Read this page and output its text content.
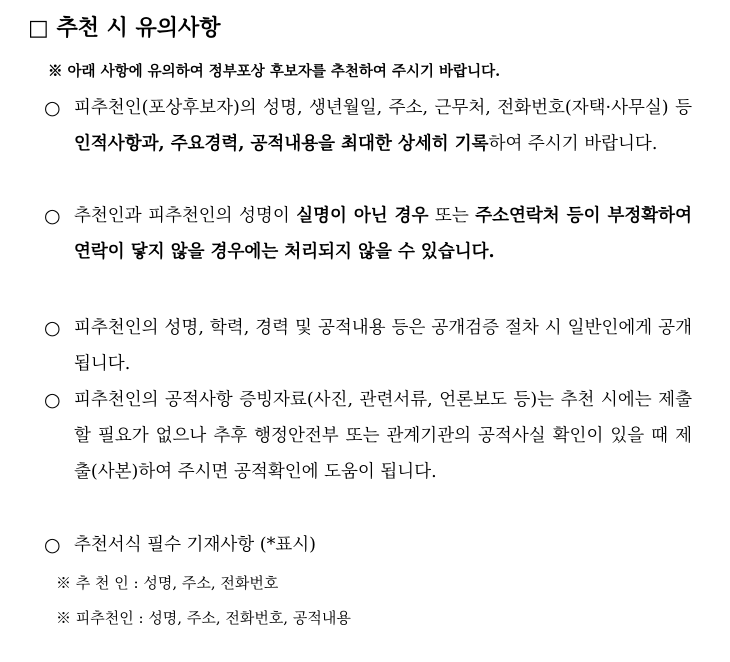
□ 추천 시 유의사항
※ 아래 사항에 유의하여 정부포상 후보자를 추천하여 주시기 바랍니다.
○ 피추천인(포상후보자)의 성명, 생년월일, 주소, 근무처, 전화번호(자택·사무실) 등 인적사항과, 주요경력, 공적내용을 최대한 상세히 기록하여 주시기 바랍니다.
○ 추천인과 피추천인의 성명이 실명이 아닌 경우 또는 주소연락처 등이 부정확하여 연락이 닿지 않을 경우에는 처리되지 않을 수 있습니다.
○ 피추천인의 성명, 학력, 경력 및 공적내용 등은 공개검증 절차 시 일반인에게 공개됩니다.
○ 피추천인의 공적사항 증빙자료(사진, 관련서류, 언론보도 등)는 추천 시에는 제출할 필요가 없으나 추후 행정안전부 또는 관계기관의 공적사실 확인이 있을 때 제출(사본)하여 주시면 공적확인에 도움이 됩니다.
○ 추천서식 필수 기재사항 (*표시)
※ 추 천 인 : 성명, 주소, 전화번호
※ 피추천인 : 성명, 주소, 전화번호, 공적내용
